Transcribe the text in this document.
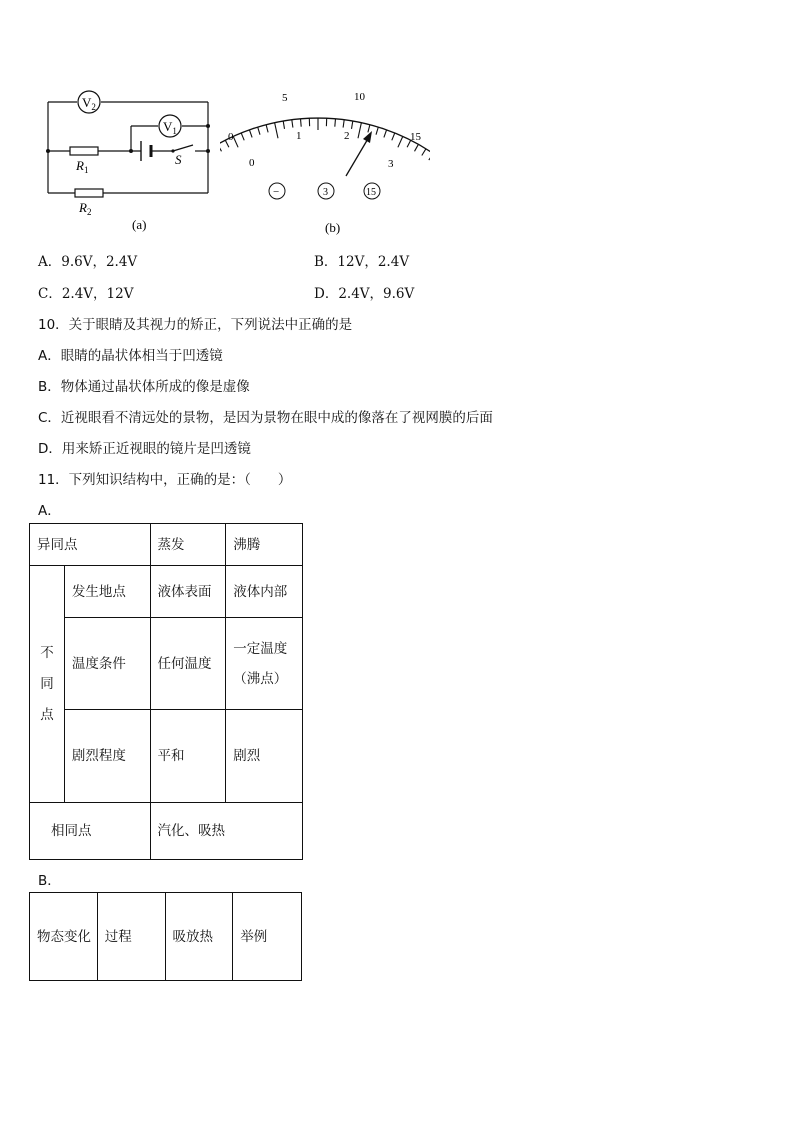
$V_2$
$V_1$
$R_1$
$R_2$
S
(a)
0
5	10
15
0
1	2
3
−	3	15
(b)
A．9.6V，2.4V	B．12V，2.4V
C．2.4V，12V	D．2.4V，9.6V
10．关于眼睛及其视力的矫正，下列说法中正确的是
A．眼睛的晶状体相当于凹透镜
B．物体通过晶状体所成的像是虚像
C．近视眼看不清远处的景物，是因为景物在眼中成的像落在了视网膜的后面
D．用来矫正近视眼的镜片是凹透镜
11．下列知识结构中，正确的是：（　　）
A．
异同点		蒸发	沸腾
不同点	发生地点	液体表面	液体内部
	温度条件	任何温度	一定温度（沸点）
	剧烈程度	平和	剧烈
相同点		汽化、吸热	
B．
物态变化	过程	吸放热	举例
